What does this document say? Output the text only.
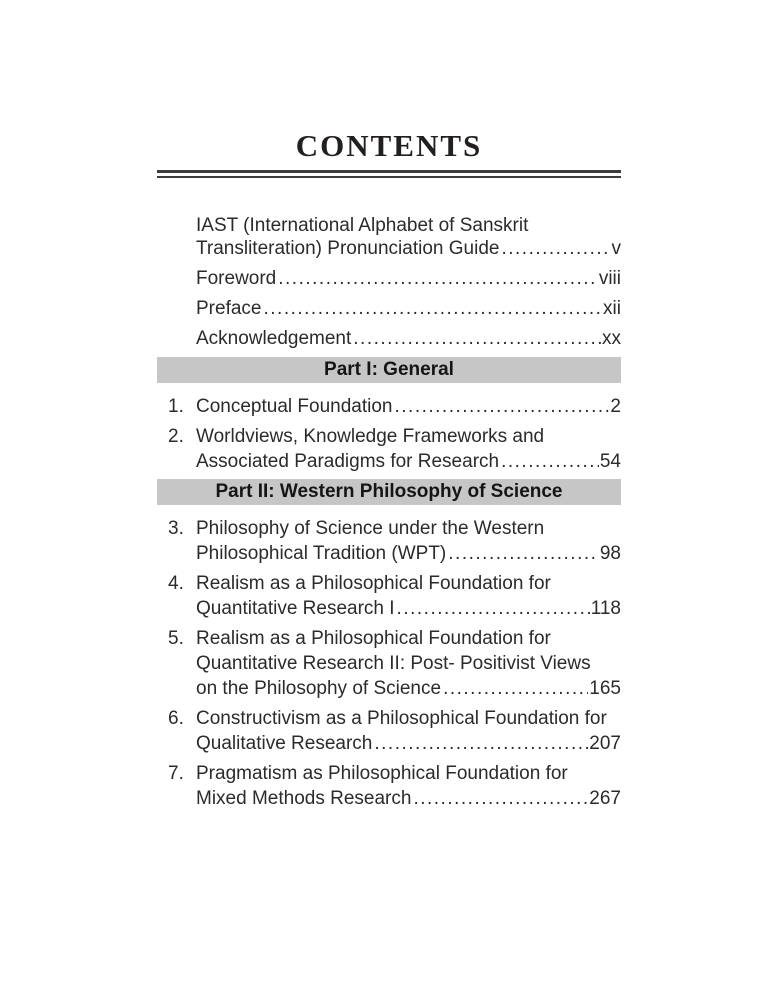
CONTENTS
IAST (International Alphabet of Sanskrit
Transliteration) Pronunciation Guide .....	v
Foreword .....	viii
Preface .....	xii
Acknowledgement .....	xx
Part I: General
1. Conceptual Foundation .....	2
2. Worldviews, Knowledge Frameworks and
Associated Paradigms for Research .....	54
Part II: Western Philosophy of Science
3. Philosophy of Science under the Western
Philosophical Tradition (WPT) .....	98
4. Realism as a Philosophical Foundation for
Quantitative Research I .....	118
5. Realism as a Philosophical Foundation for
Quantitative Research II: Post- Positivist Views
on the Philosophy of Science .....	165
6. Constructivism as a Philosophical Foundation for
Qualitative Research .....	207
7. Pragmatism as Philosophical Foundation for
Mixed Methods Research .....	267
